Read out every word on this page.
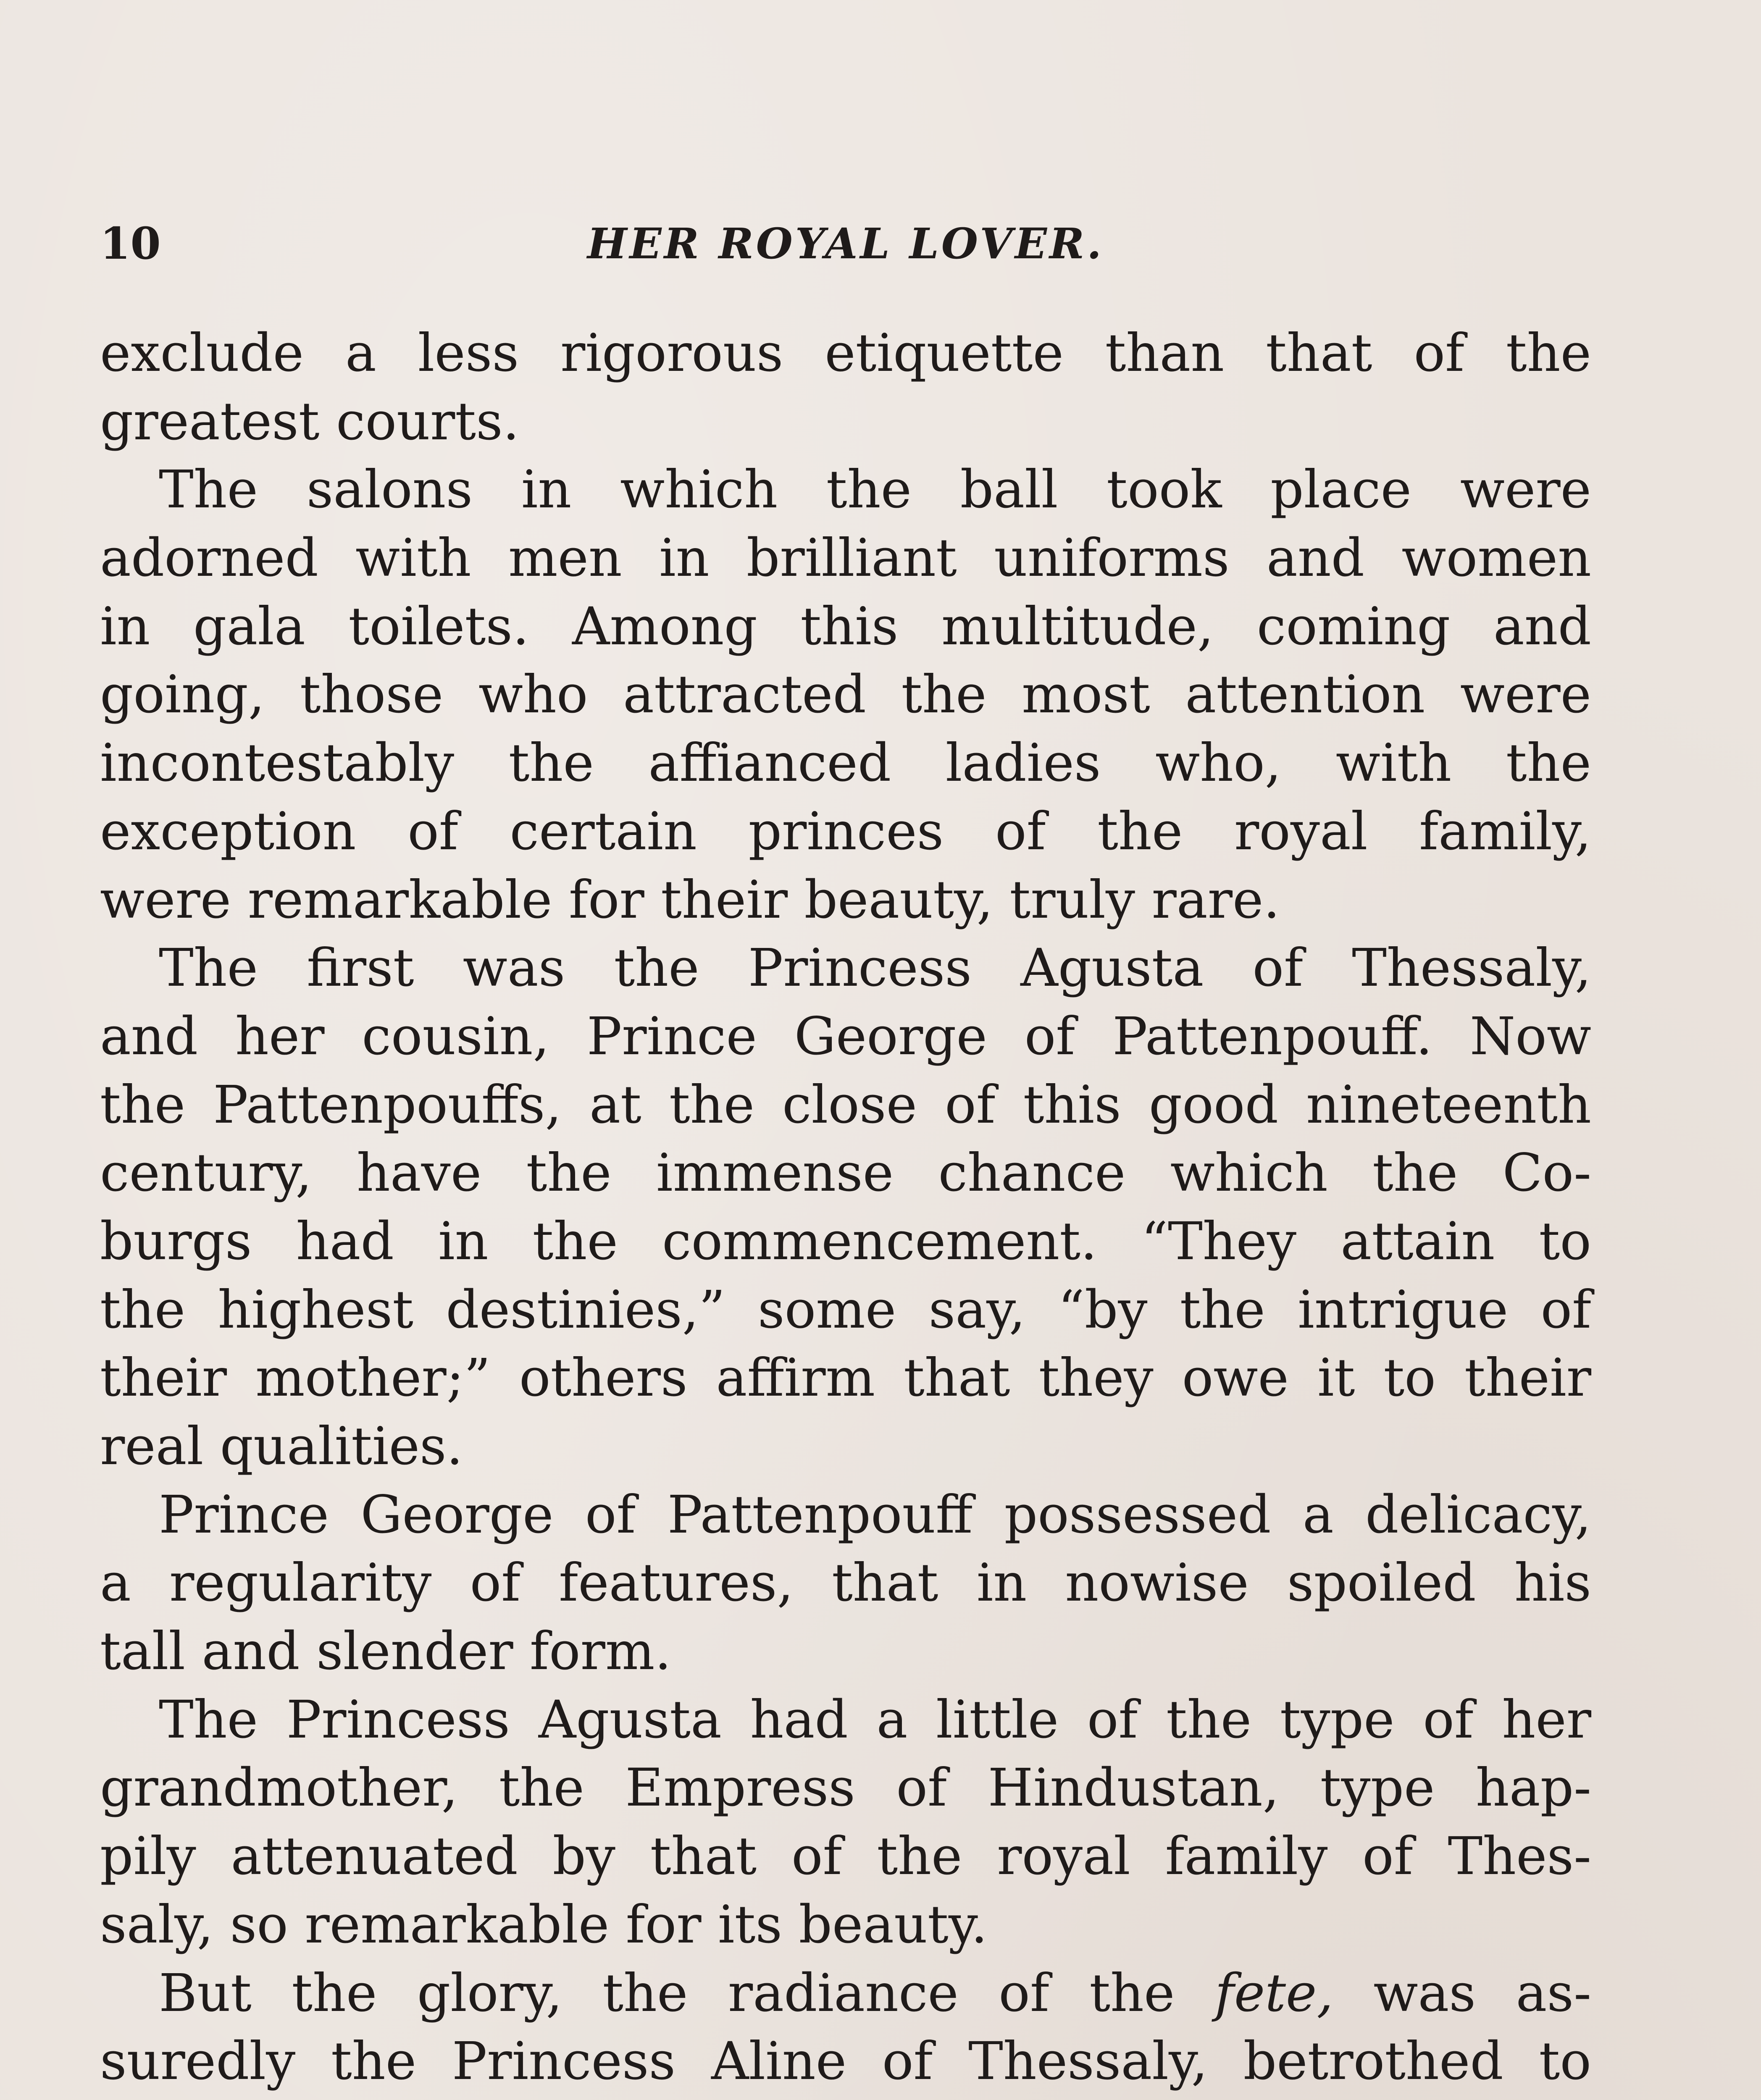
10	HER ROYAL LOVER.
exclude a less rigorous etiquette than that of the
greatest courts.
The salons in which the ball took place were
adorned with men in brilliant uniforms and women
in gala toilets. Among this multitude, coming and
going, those who attracted the most attention were
incontestably the affianced ladies who, with the
exception of certain princes of the royal family,
were remarkable for their beauty, truly rare.
The first was the Princess Agusta of Thessaly,
and her cousin, Prince George of Pattenpouff. Now
the Pattenpouffs, at the close of this good nineteenth
century, have the immense chance which the Co-
burgs had in the commencement. “They attain to
the highest destinies,” some say, “by the intrigue of
their mother;” others affirm that they owe it to their
real qualities.
Prince George of Pattenpouff possessed a delicacy,
a regularity of features, that in nowise spoiled his
tall and slender form.
The Princess Agusta had a little of the type of her
grandmother, the Empress of Hindustan, type hap-
pily attenuated by that of the royal family of Thes-
saly, so remarkable for its beauty.
But the glory, the radiance of the fete, was as-
suredly the Princess Aline of Thessaly, betrothed to
